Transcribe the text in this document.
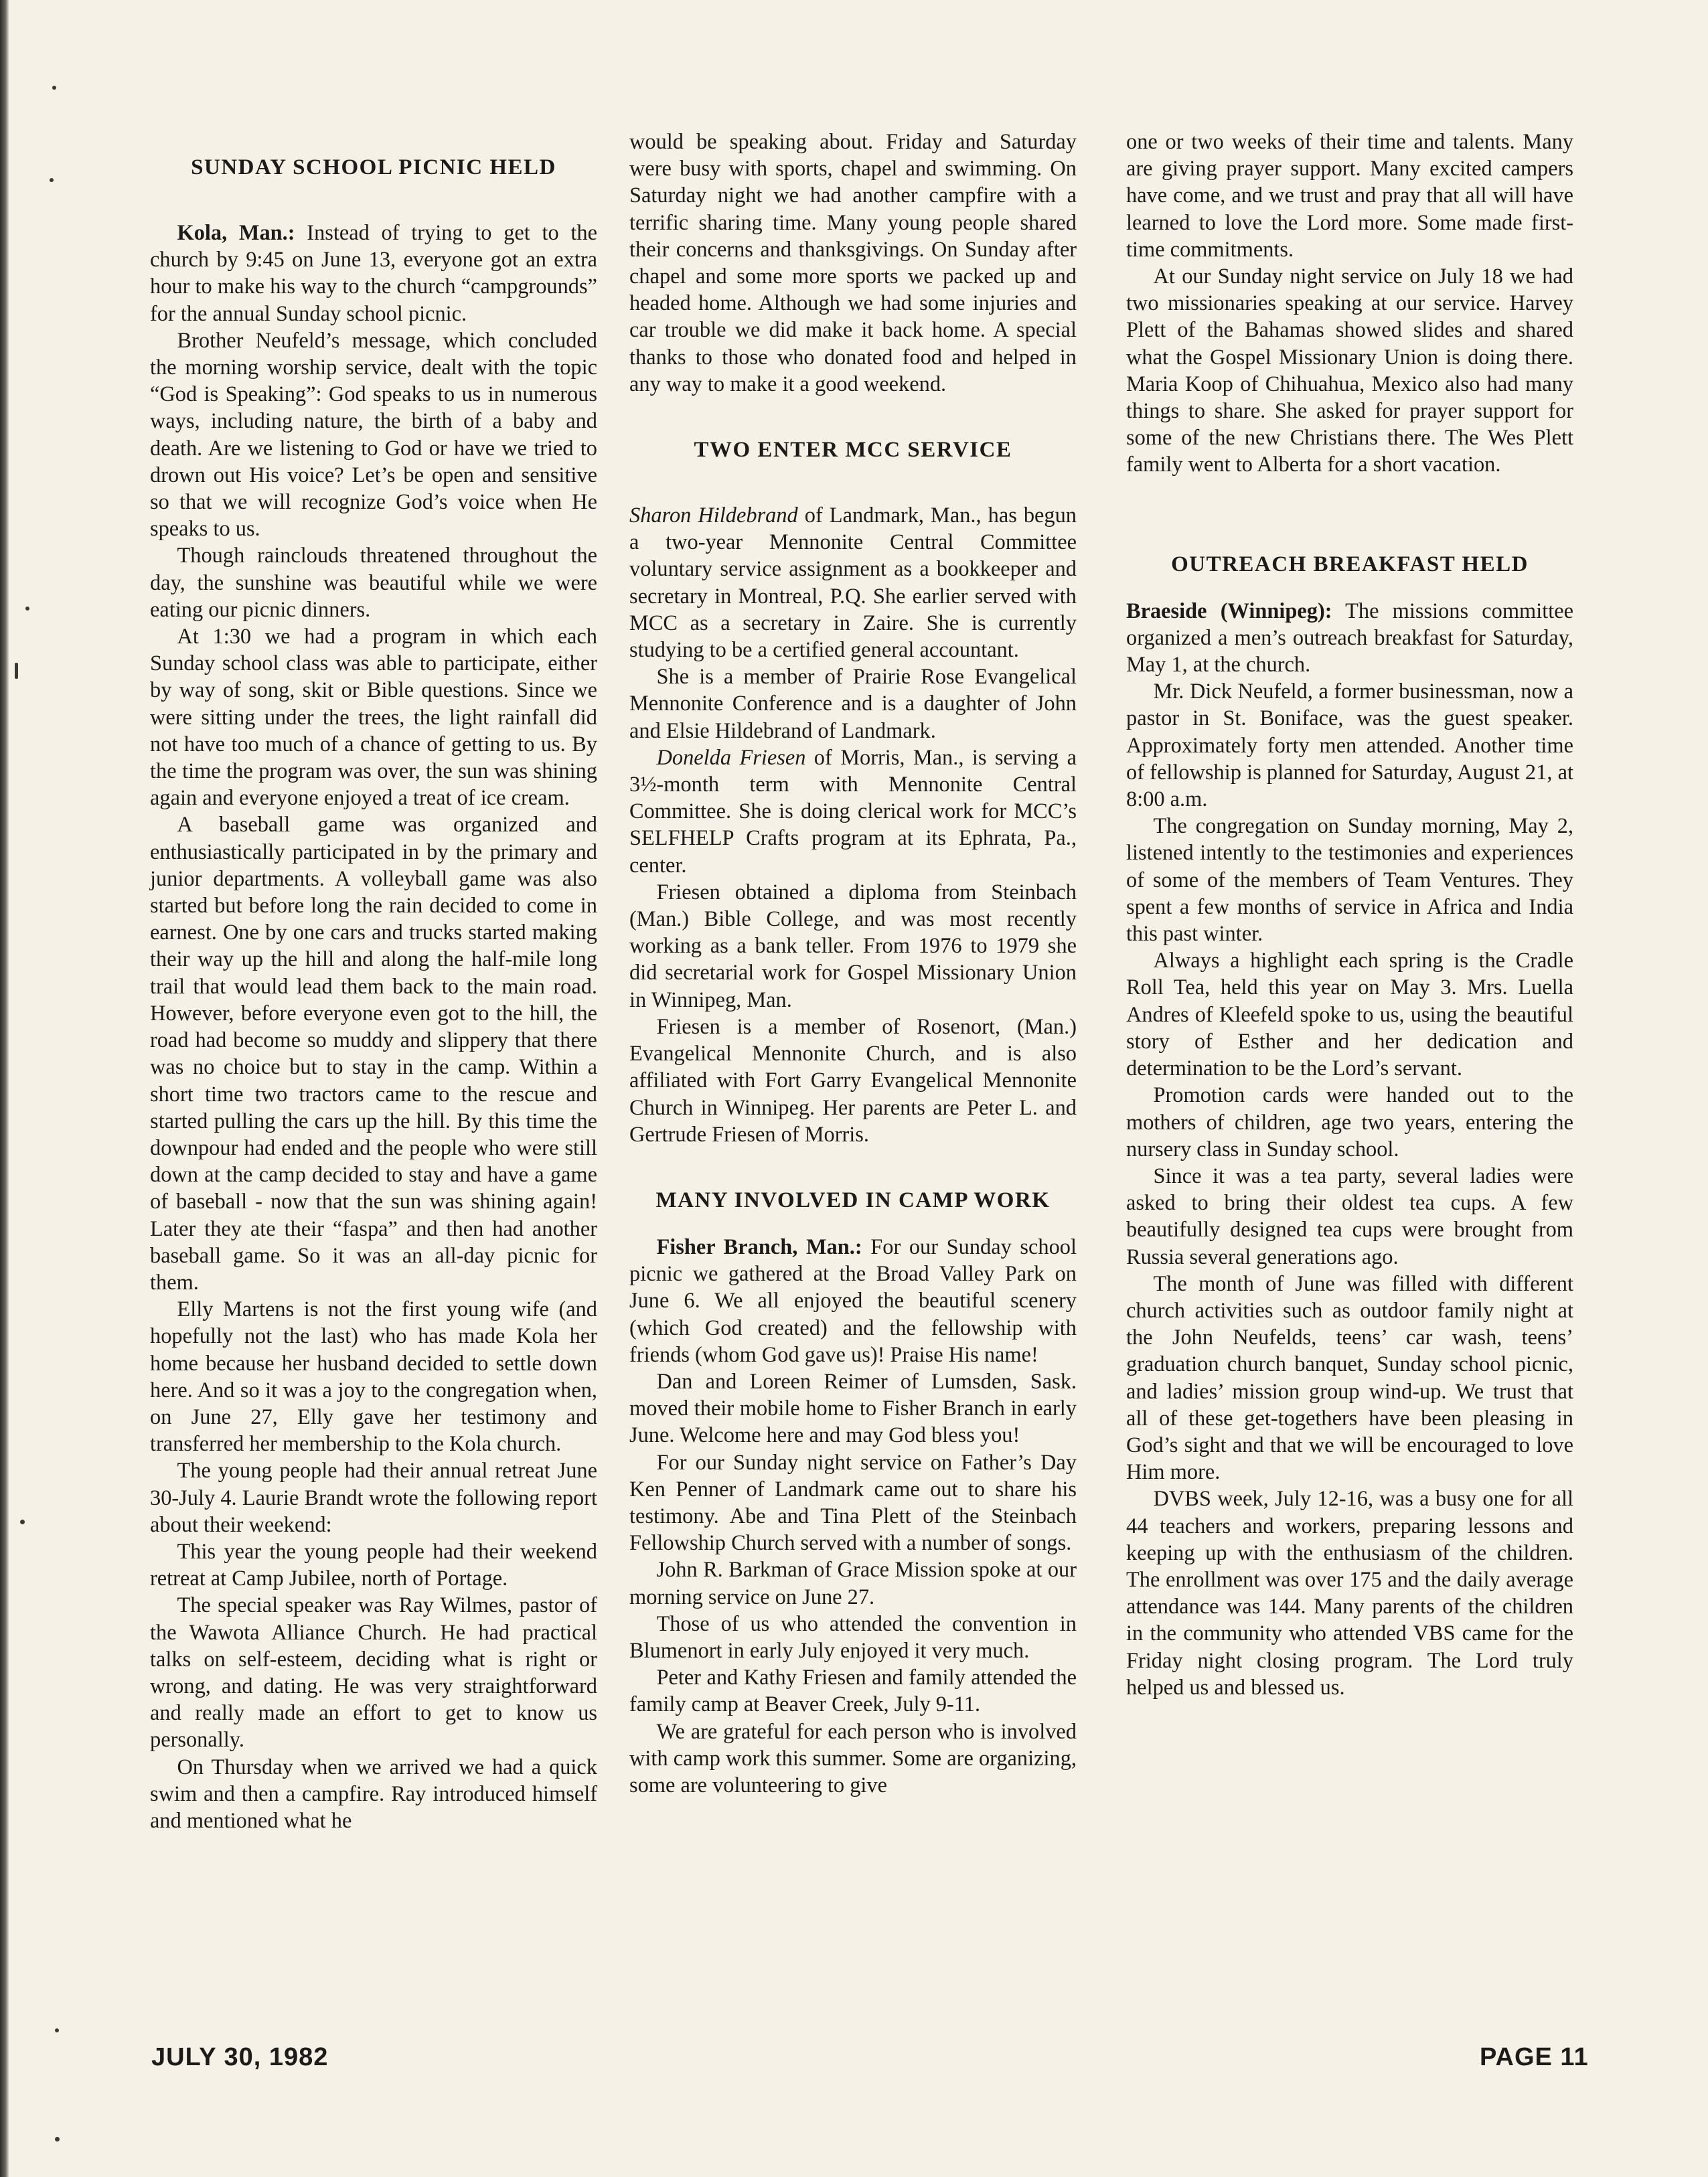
SUNDAY SCHOOL PICNIC HELD

Kola, Man.: Instead of trying to get to the church by 9:45 on June 13, everyone got an extra hour to make his way to the church “campgrounds” for the annual Sunday school picnic.

Brother Neufeld’s message, which concluded the morning worship service, dealt with the topic “God is Speaking”: God speaks to us in numerous ways, including nature, the birth of a baby and death. Are we listening to God or have we tried to drown out His voice? Let’s be open and sensitive so that we will recognize God’s voice when He speaks to us.

Though rainclouds threatened throughout the day, the sunshine was beautiful while we were eating our picnic dinners.

At 1:30 we had a program in which each Sunday school class was able to participate, either by way of song, skit or Bible questions. Since we were sitting under the trees, the light rainfall did not have too much of a chance of getting to us. By the time the program was over, the sun was shining again and everyone enjoyed a treat of ice cream.

A baseball game was organized and enthusiastically participated in by the primary and junior departments. A volleyball game was also started but before long the rain decided to come in earnest. One by one cars and trucks started making their way up the hill and along the half-mile long trail that would lead them back to the main road. However, before everyone even got to the hill, the road had become so muddy and slippery that there was no choice but to stay in the camp. Within a short time two tractors came to the rescue and started pulling the cars up the hill. By this time the downpour had ended and the people who were still down at the camp decided to stay and have a game of baseball - now that the sun was shining again! Later they ate their “faspa” and then had another baseball game. So it was an all-day picnic for them.

Elly Martens is not the first young wife (and hopefully not the last) who has made Kola her home because her husband decided to settle down here. And so it was a joy to the congregation when, on June 27, Elly gave her testimony and transferred her membership to the Kola church.

The young people had their annual retreat June 30-July 4. Laurie Brandt wrote the following report about their weekend:

This year the young people had their weekend retreat at Camp Jubilee, north of Portage.

The special speaker was Ray Wilmes, pastor of the Wawota Alliance Church. He had practical talks on self-esteem, deciding what is right or wrong, and dating. He was very straightforward and really made an effort to get to know us personally.

On Thursday when we arrived we had a quick swim and then a campfire. Ray introduced himself and mentioned what he

would be speaking about. Friday and Saturday were busy with sports, chapel and swimming. On Saturday night we had another campfire with a terrific sharing time. Many young people shared their concerns and thanksgivings. On Sunday after chapel and some more sports we packed up and headed home. Although we had some injuries and car trouble we did make it back home. A special thanks to those who donated food and helped in any way to make it a good weekend.

TWO ENTER MCC SERVICE

Sharon Hildebrand of Landmark, Man., has begun a two-year Mennonite Central Committee voluntary service assignment as a bookkeeper and secretary in Montreal, P.Q. She earlier served with MCC as a secretary in Zaire. She is currently studying to be a certified general accountant.

She is a member of Prairie Rose Evangelical Mennonite Conference and is a daughter of John and Elsie Hildebrand of Landmark.

Donelda Friesen of Morris, Man., is serving a 3½-month term with Mennonite Central Committee. She is doing clerical work for MCC’s SELFHELP Crafts program at its Ephrata, Pa., center.

Friesen obtained a diploma from Steinbach (Man.) Bible College, and was most recently working as a bank teller. From 1976 to 1979 she did secretarial work for Gospel Missionary Union in Winnipeg, Man.

Friesen is a member of Rosenort, (Man.) Evangelical Mennonite Church, and is also affiliated with Fort Garry Evangelical Mennonite Church in Winnipeg. Her parents are Peter L. and Gertrude Friesen of Morris.

MANY INVOLVED IN CAMP WORK

Fisher Branch, Man.: For our Sunday school picnic we gathered at the Broad Valley Park on June 6. We all enjoyed the beautiful scenery (which God created) and the fellowship with friends (whom God gave us)! Praise His name!

Dan and Loreen Reimer of Lumsden, Sask. moved their mobile home to Fisher Branch in early June. Welcome here and may God bless you!

For our Sunday night service on Father’s Day Ken Penner of Landmark came out to share his testimony. Abe and Tina Plett of the Steinbach Fellowship Church served with a number of songs.

John R. Barkman of Grace Mission spoke at our morning service on June 27.

Those of us who attended the convention in Blumenort in early July enjoyed it very much.

Peter and Kathy Friesen and family attended the family camp at Beaver Creek, July 9-11.

We are grateful for each person who is involved with camp work this summer. Some are organizing, some are volunteering to give

one or two weeks of their time and talents. Many are giving prayer support. Many excited campers have come, and we trust and pray that all will have learned to love the Lord more. Some made first-time commitments.

At our Sunday night service on July 18 we had two missionaries speaking at our service. Harvey Plett of the Bahamas showed slides and shared what the Gospel Missionary Union is doing there. Maria Koop of Chihuahua, Mexico also had many things to share. She asked for prayer support for some of the new Christians there. The Wes Plett family went to Alberta for a short vacation.

OUTREACH BREAKFAST HELD

Braeside (Winnipeg): The missions committee organized a men’s outreach breakfast for Saturday, May 1, at the church.

Mr. Dick Neufeld, a former businessman, now a pastor in St. Boniface, was the guest speaker. Approximately forty men attended. Another time of fellowship is planned for Saturday, August 21, at 8:00 a.m.

The congregation on Sunday morning, May 2, listened intently to the testimonies and experiences of some of the members of Team Ventures. They spent a few months of service in Africa and India this past winter.

Always a highlight each spring is the Cradle Roll Tea, held this year on May 3. Mrs. Luella Andres of Kleefeld spoke to us, using the beautiful story of Esther and her dedication and determination to be the Lord’s servant.

Promotion cards were handed out to the mothers of children, age two years, entering the nursery class in Sunday school.

Since it was a tea party, several ladies were asked to bring their oldest tea cups. A few beautifully designed tea cups were brought from Russia several generations ago.

The month of June was filled with different church activities such as outdoor family night at the John Neufelds, teens’ car wash, teens’ graduation church banquet, Sunday school picnic, and ladies’ mission group wind-up. We trust that all of these get-togethers have been pleasing in God’s sight and that we will be encouraged to love Him more.

DVBS week, July 12-16, was a busy one for all 44 teachers and workers, preparing lessons and keeping up with the enthusiasm of the children. The enrollment was over 175 and the daily average attendance was 144. Many parents of the children in the community who attended VBS came for the Friday night closing program. The Lord truly helped us and blessed us.

JULY 30, 1982	PAGE 11
